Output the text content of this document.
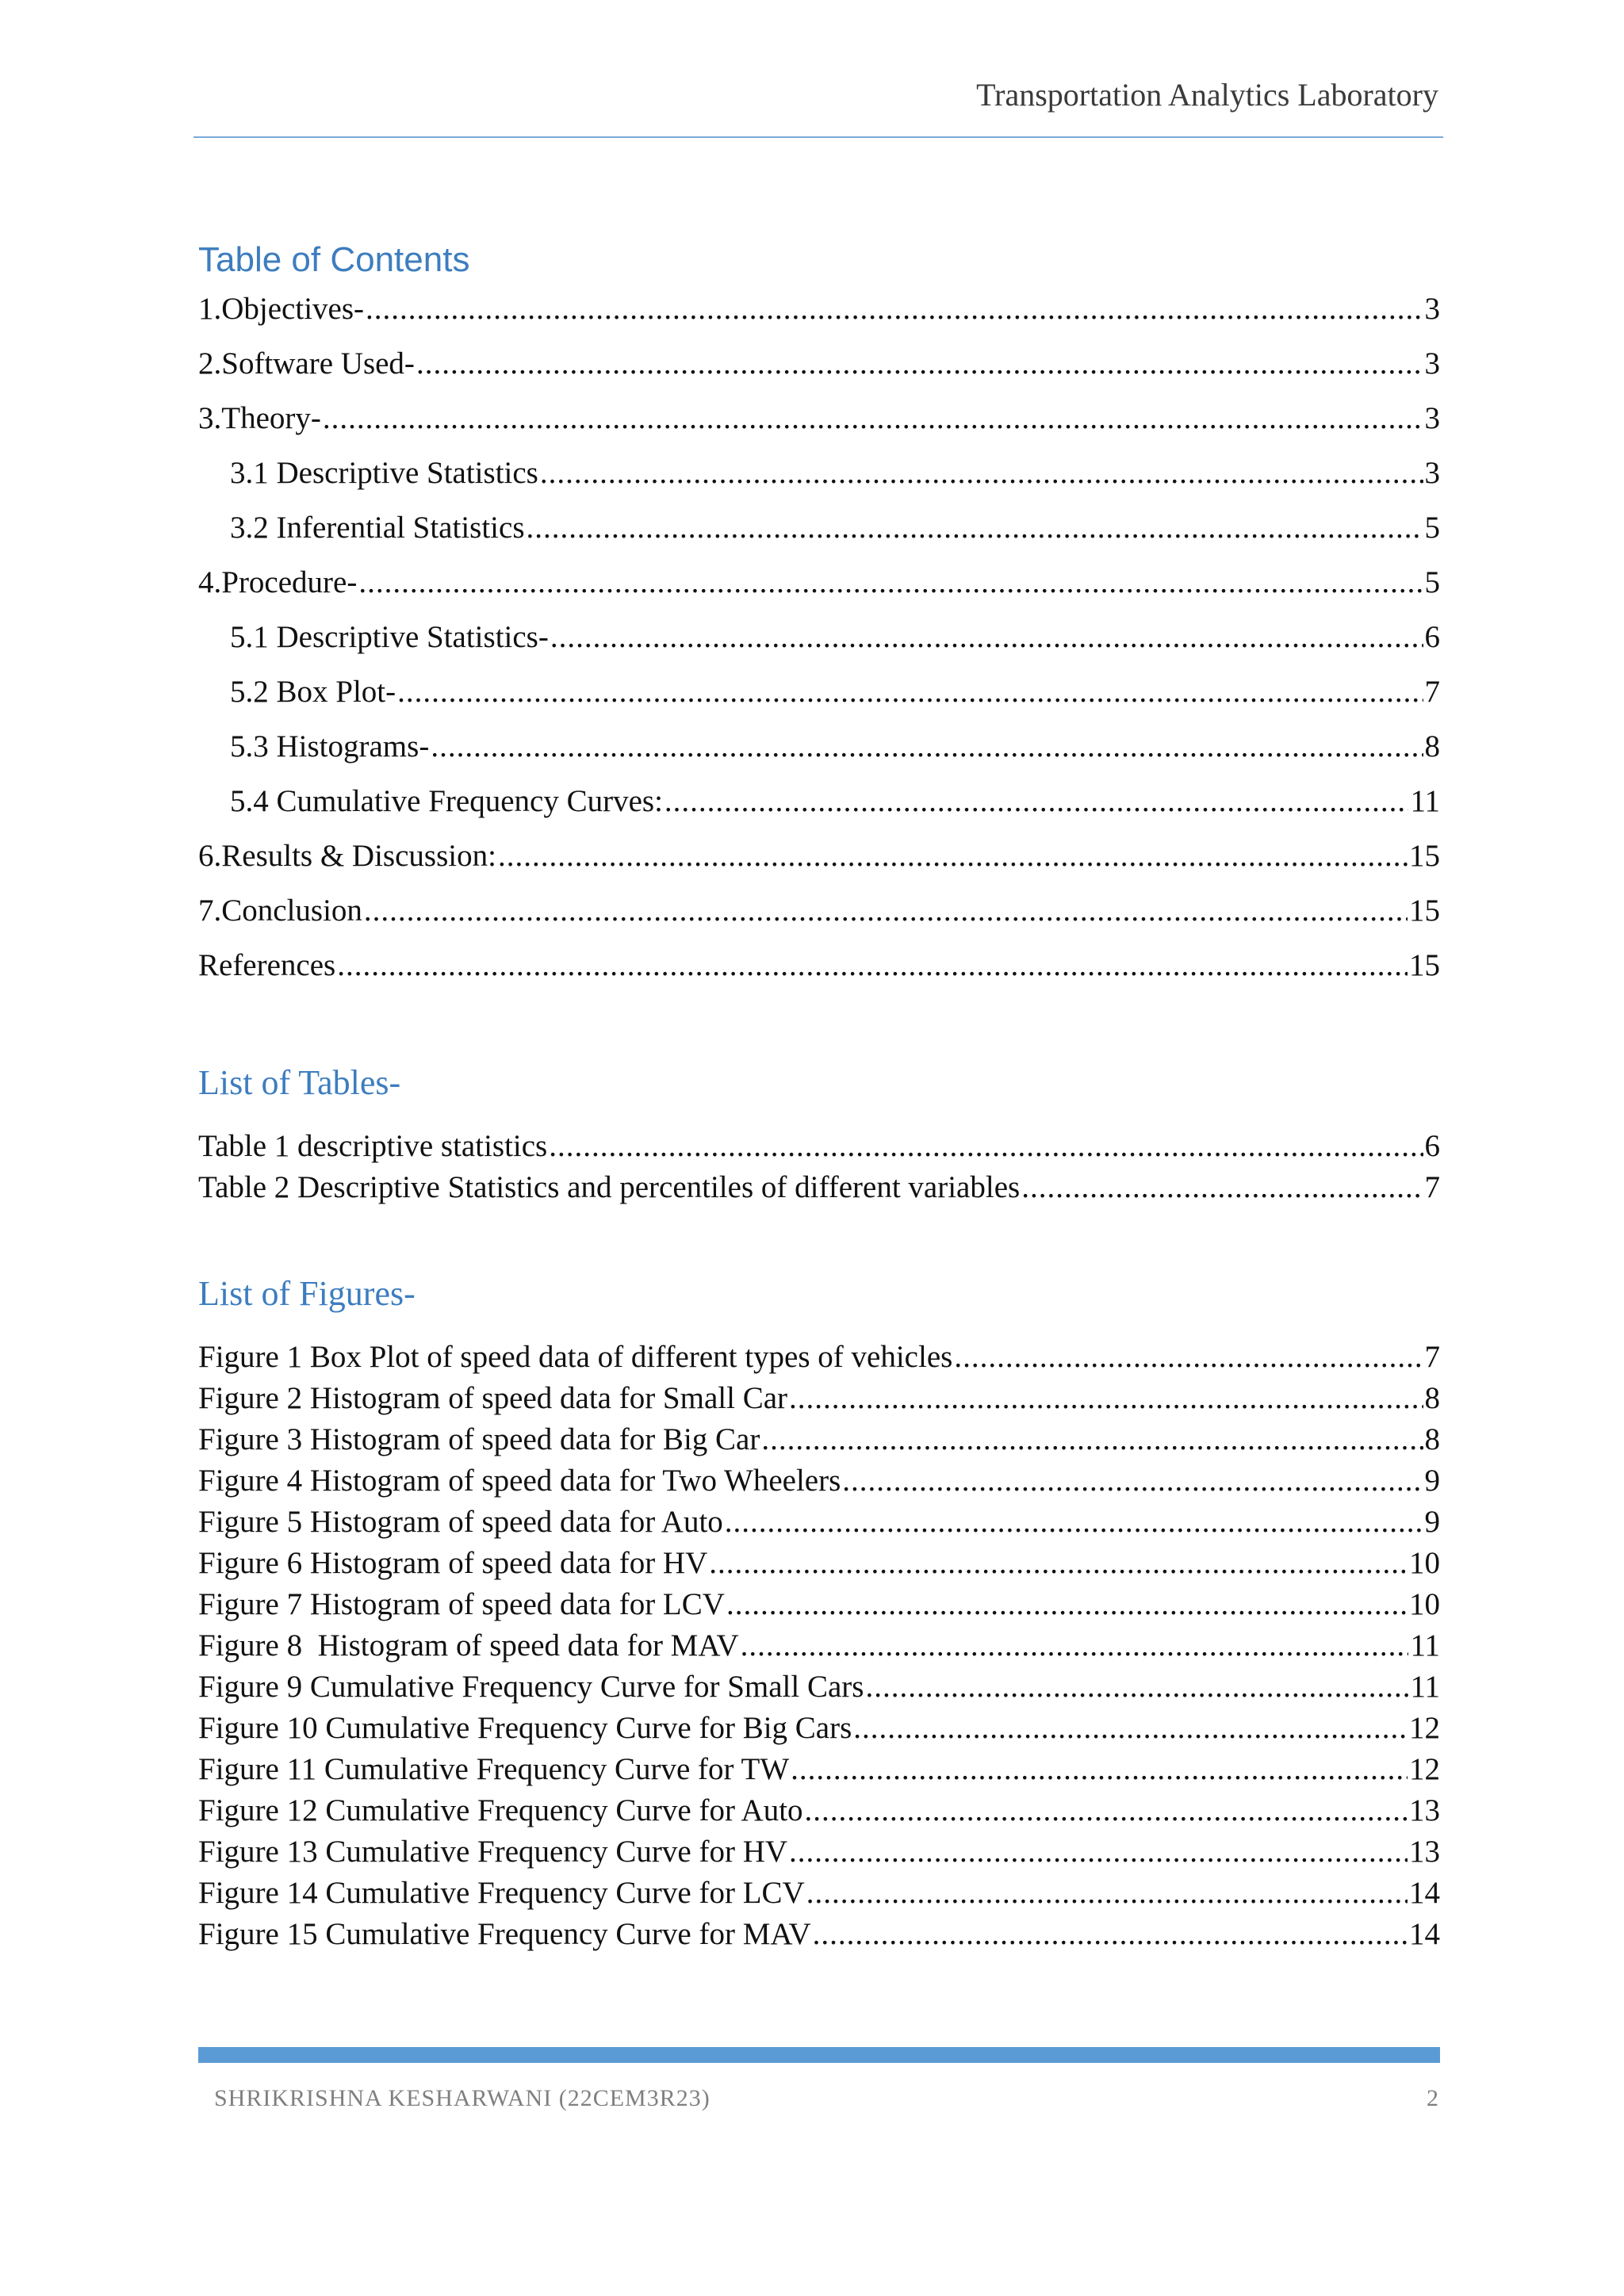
Transportation Analytics Laboratory
Table of Contents
1. Objectives- .....	3
2. Software Used- .....	3
3. Theory- .....	3
3.1 Descriptive Statistics .....	3
3.2 Inferential Statistics .....	5
4. Procedure- .....	5
5.1 Descriptive Statistics- .....	6
5.2 Box Plot- .....	7
5.3 Histograms- .....	8
5.4 Cumulative Frequency Curves: .....	11
6. Results & Discussion: .....	15
7. Conclusion .....	15
References .....	15
List of Tables-
Table 1 descriptive statistics .....	6
Table 2 Descriptive Statistics and percentiles of different variables .....	7
List of Figures-
Figure 1 Box Plot of speed data of different types of vehicles .....	7
Figure 2 Histogram of speed data for Small Car .....	8
Figure 3 Histogram of speed data for Big Car .....	8
Figure 4 Histogram of speed data for Two Wheelers .....	9
Figure 5 Histogram of speed data for Auto .....	9
Figure 6 Histogram of speed data for HV .....	10
Figure 7 Histogram of speed data for LCV .....	10
Figure 8  Histogram of speed data for MAV .....	11
Figure 9 Cumulative Frequency Curve for Small Cars .....	11
Figure 10 Cumulative Frequency Curve for Big Cars .....	12
Figure 11 Cumulative Frequency Curve for TW .....	12
Figure 12 Cumulative Frequency Curve for Auto .....	13
Figure 13 Cumulative Frequency Curve for HV .....	13
Figure 14 Cumulative Frequency Curve for LCV .....	14
Figure 15 Cumulative Frequency Curve for MAV .....	14
SHRIKRISHNA KESHARWANI (22CEM3R23)	2
